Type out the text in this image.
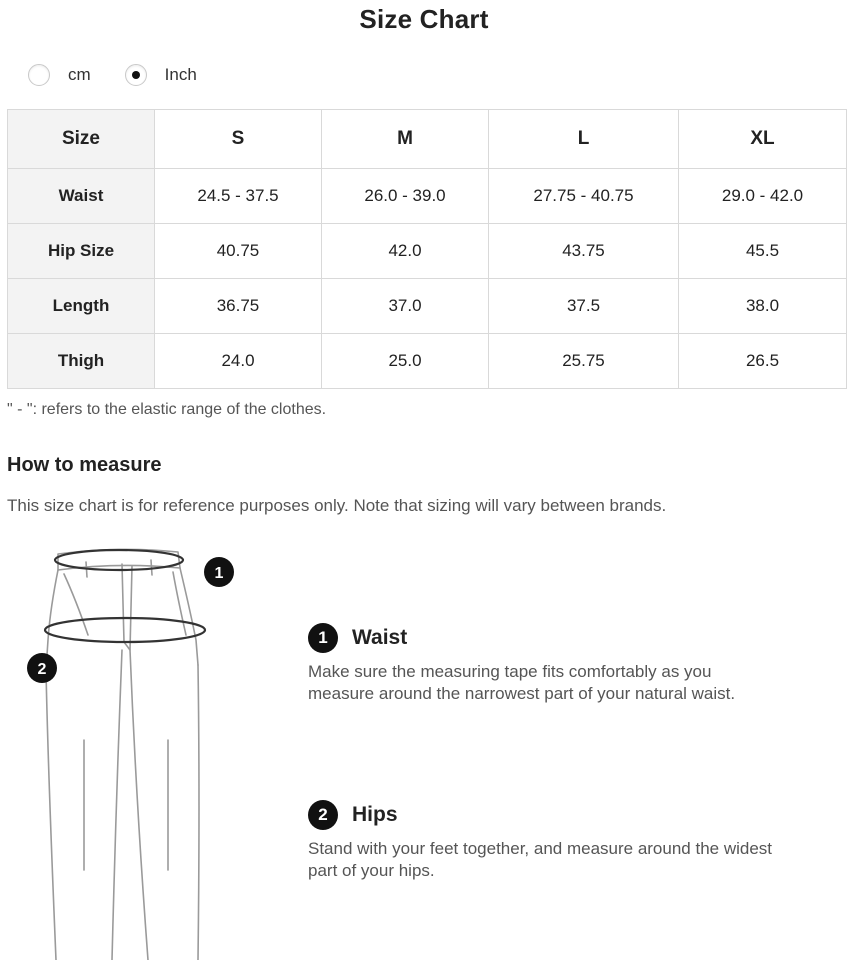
Size Chart
cm	Inch
Size	S	M	L	XL
Waist	24.5 - 37.5	26.0 - 39.0	27.75 - 40.75	29.0 - 42.0
Hip Size	40.75	42.0	43.75	45.5
Length	36.75	37.0	37.5	38.0
Thigh	24.0	25.0	25.75	26.5
" - ": refers to the elastic range of the clothes.
How to measure
This size chart is for reference purposes only. Note that sizing will vary between brands.
1
2
1	Waist
Make sure the measuring tape fits comfortably as you measure around the narrowest part of your natural waist.
2	Hips
Stand with your feet together, and measure around the widest part of your hips.
